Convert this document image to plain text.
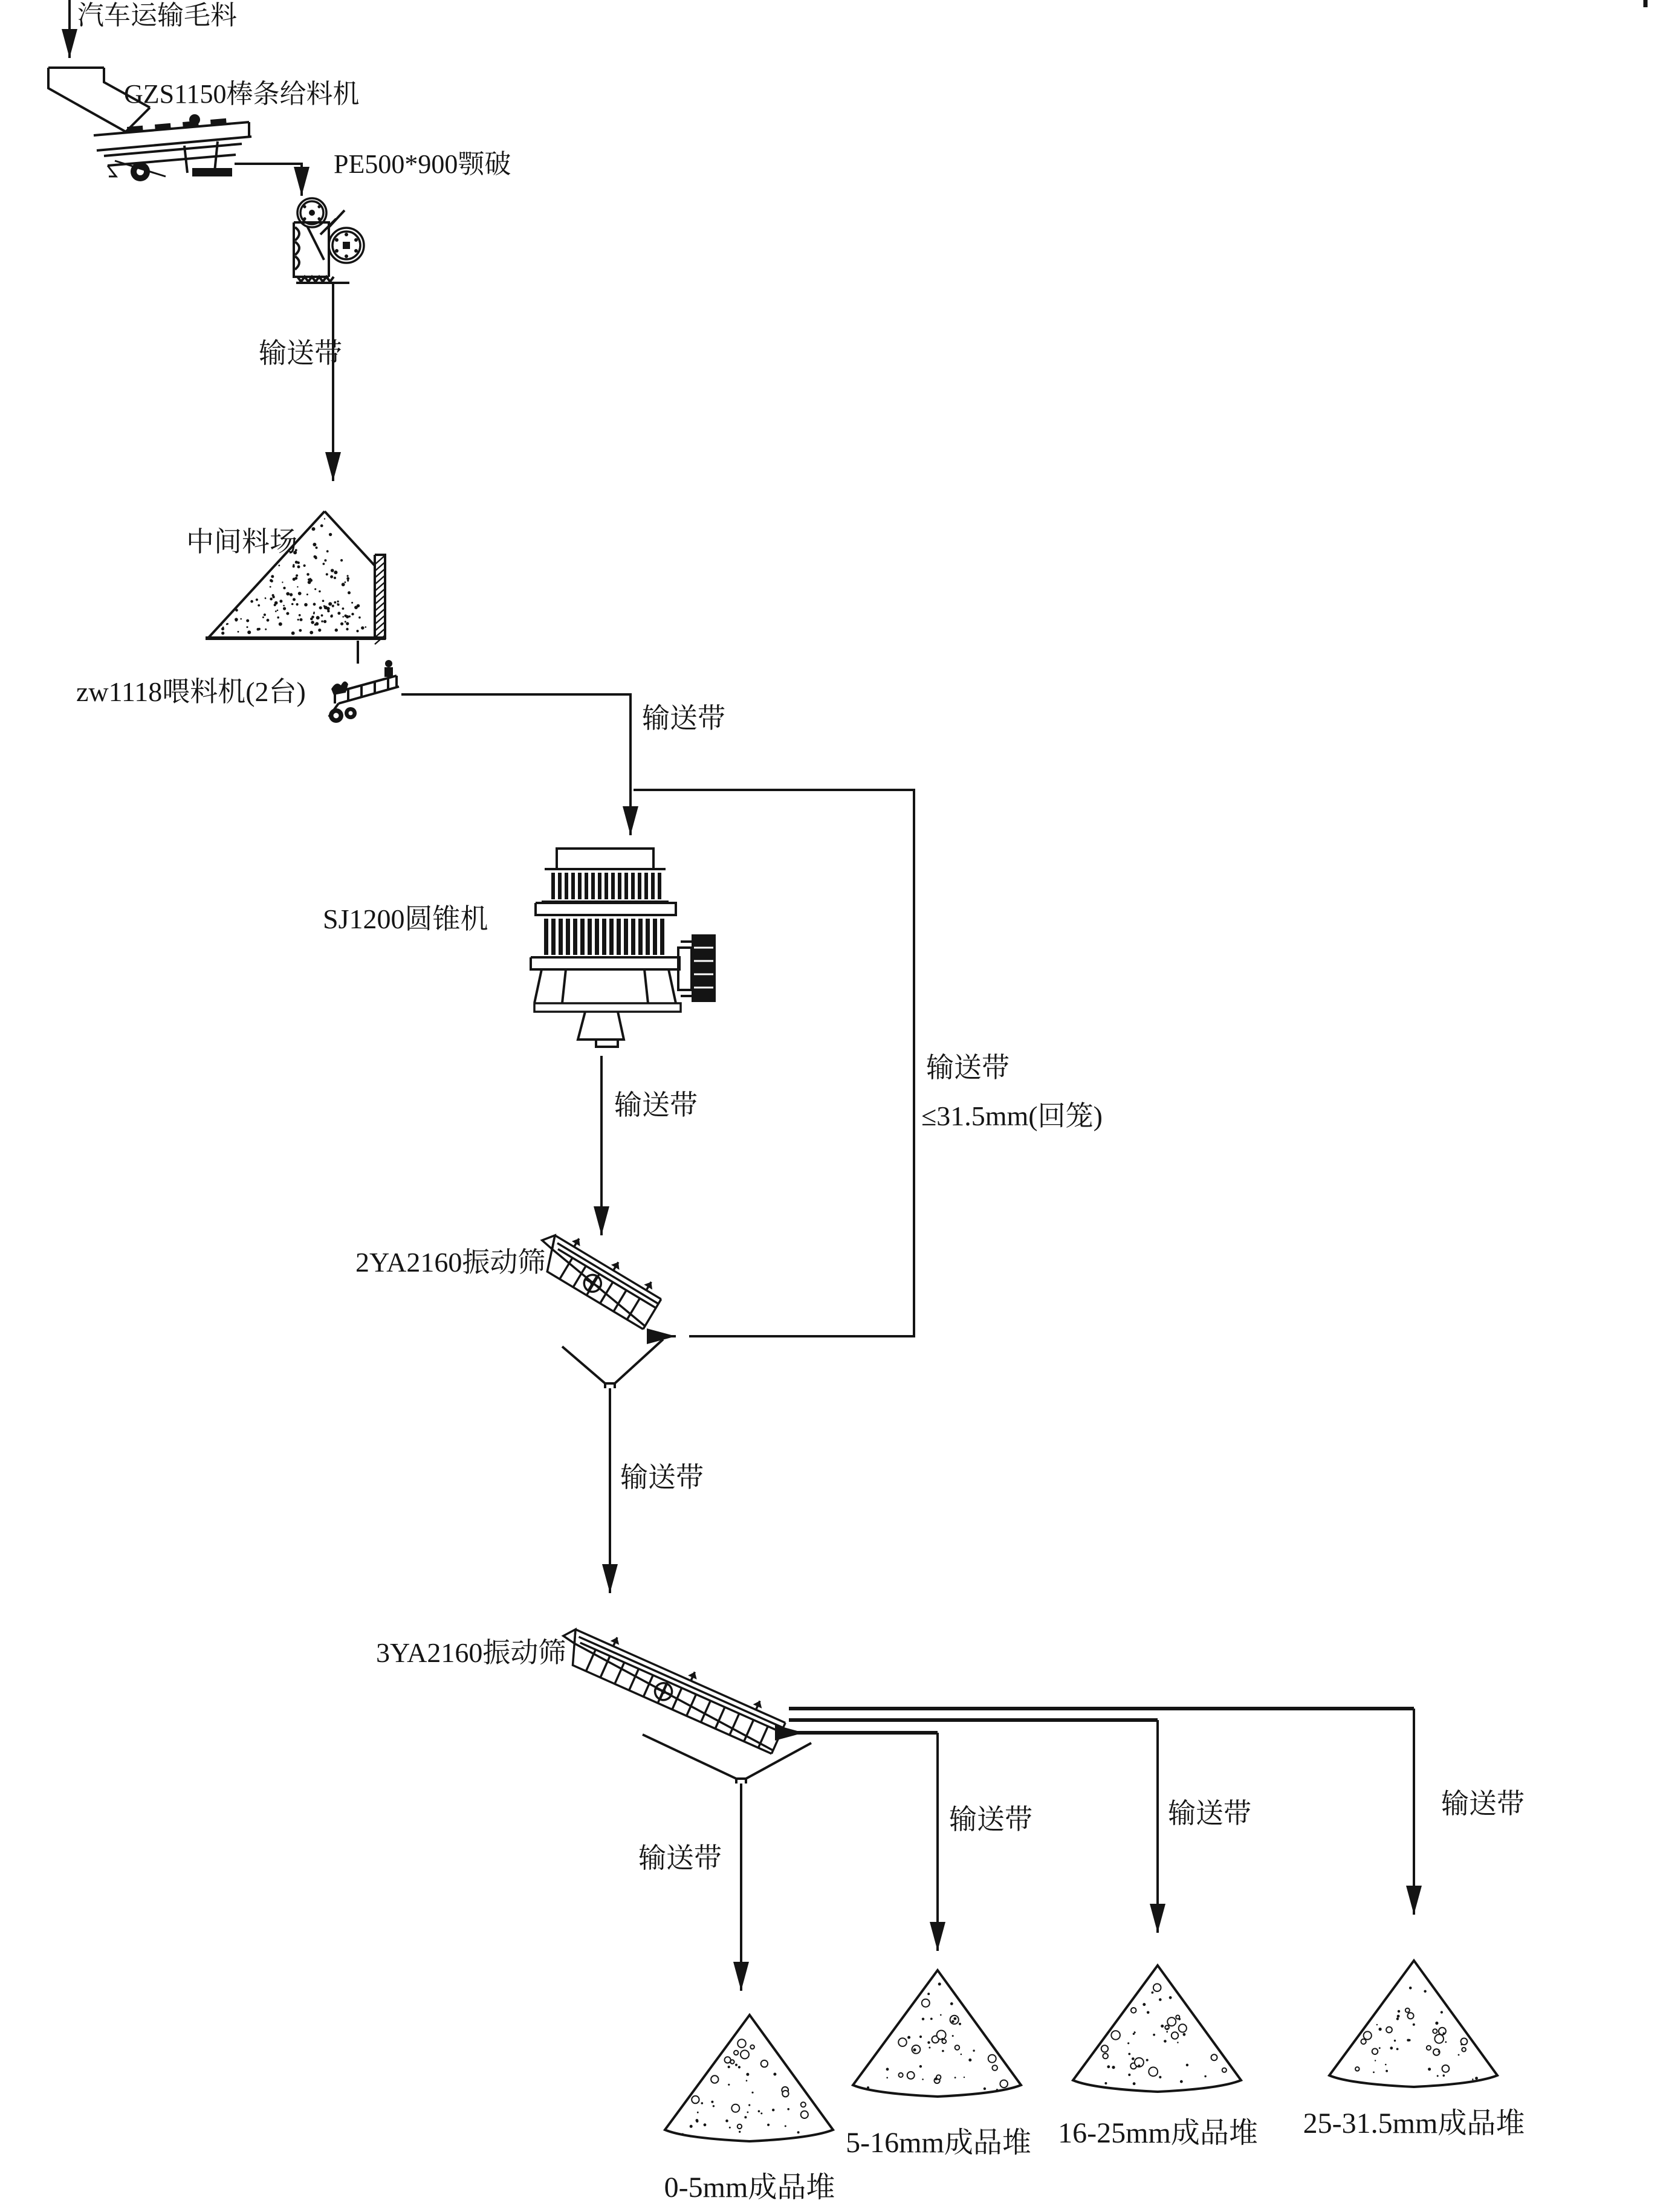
汽车运输毛料
GZS1150棒条给料机
PE500*900颚破
输送带
中间料场
zw1118喂料机(2台)
输送带
SJ1200圆锥机
输送带
≤31.5mm(回笼)
输送带
2YA2160振动筛
输送带
3YA2160振动筛
输送带
输送带	输送带	输送带
0-5mm成品堆
5-16mm成品堆 16-25mm成品堆	25-31.5mm成品堆
